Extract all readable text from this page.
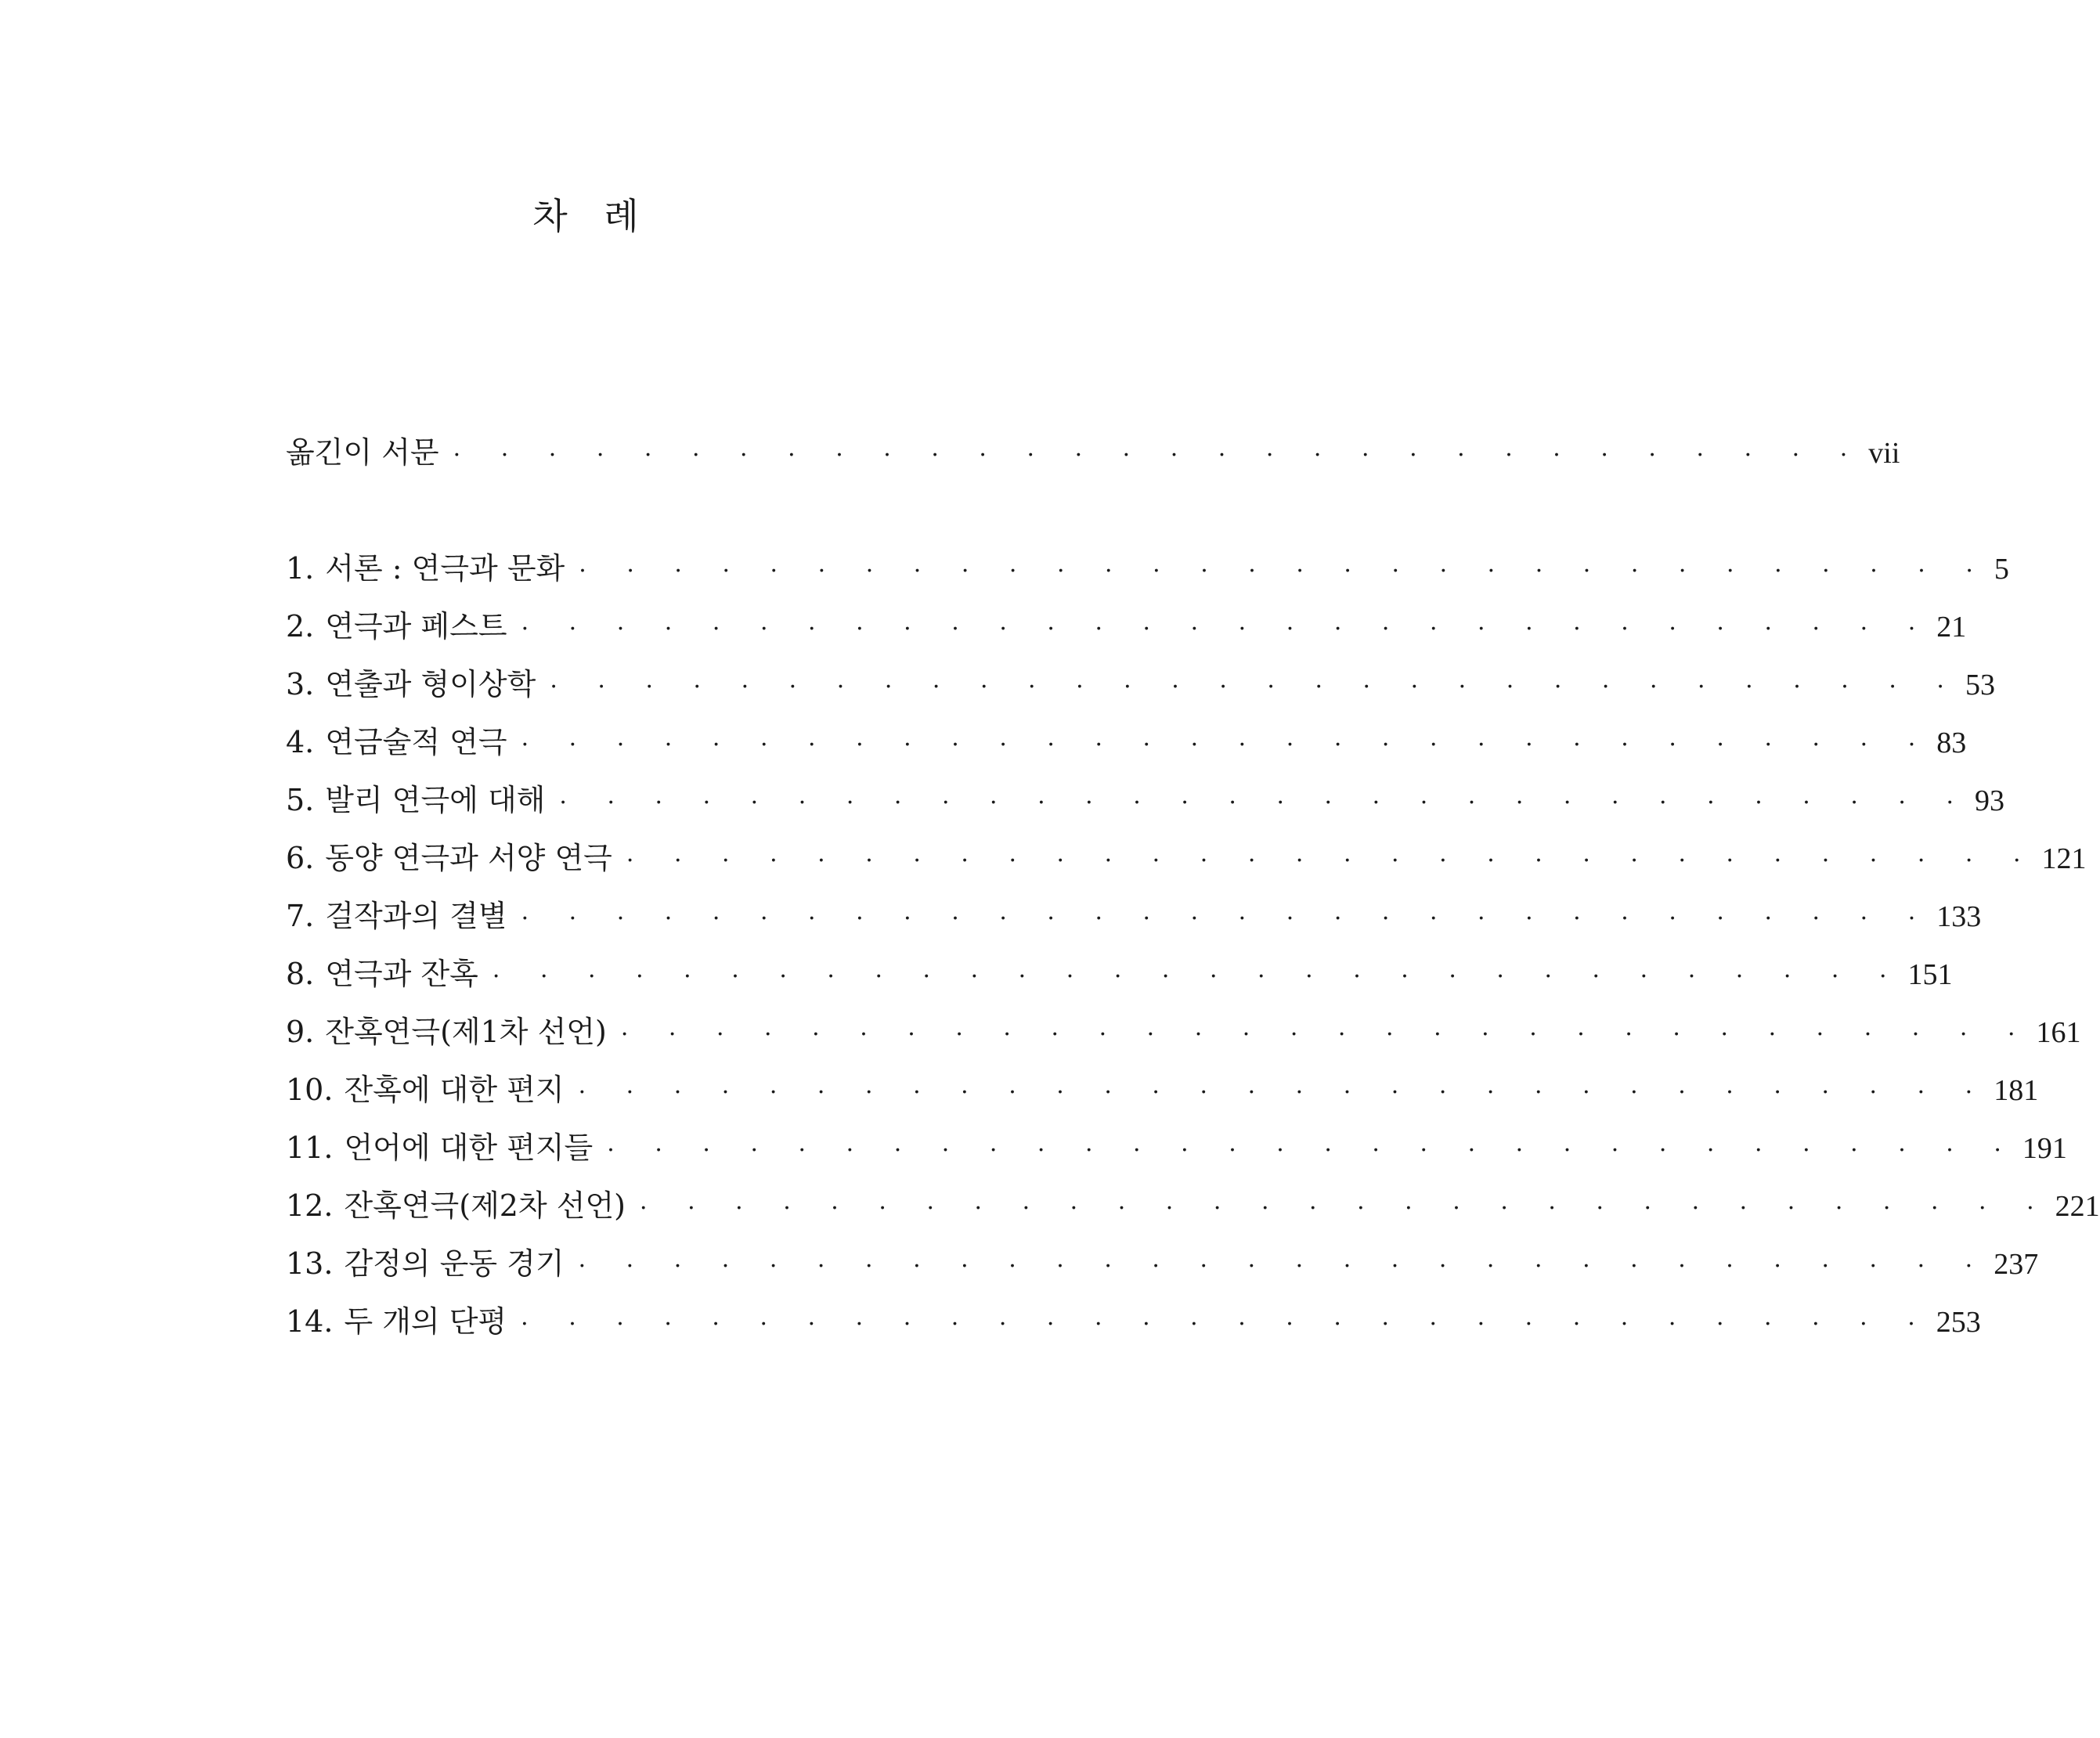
차 례
옮긴이 서문 · · · · · · · · · · · · · · · · · · · · · · · · · · · · · · vii
1. 서론 : 연극과 문화 · · · · · · · · · · · · · · · · · · · · · · · · · · · · · · 5
2. 연극과 페스트 · · · · · · · · · · · · · · · · · · · · · · · · · · · · · · 21
3. 연출과 형이상학 · · · · · · · · · · · · · · · · · · · · · · · · · · · · · · 53
4. 연금술적 연극 · · · · · · · · · · · · · · · · · · · · · · · · · · · · · · 83
5. 발리 연극에 대해 · · · · · · · · · · · · · · · · · · · · · · · · · · · · · · 93
6. 동양 연극과 서양 연극 · · · · · · · · · · · · · · · · · · · · · · · · · · · · · · 121
7. 걸작과의 결별 · · · · · · · · · · · · · · · · · · · · · · · · · · · · · · 133
8. 연극과 잔혹 · · · · · · · · · · · · · · · · · · · · · · · · · · · · · · 151
9. 잔혹연극(제1차 선언) · · · · · · · · · · · · · · · · · · · · · · · · · · · · · · 161
10. 잔혹에 대한 편지 · · · · · · · · · · · · · · · · · · · · · · · · · · · · · · 181
11. 언어에 대한 편지들 · · · · · · · · · · · · · · · · · · · · · · · · · · · · · · 191
12. 잔혹연극(제2차 선언) · · · · · · · · · · · · · · · · · · · · · · · · · · · · · · 221
13. 감정의 운동 경기 · · · · · · · · · · · · · · · · · · · · · · · · · · · · · · 237
14. 두 개의 단평 · · · · · · · · · · · · · · · · · · · · · · · · · · · · · · 253
